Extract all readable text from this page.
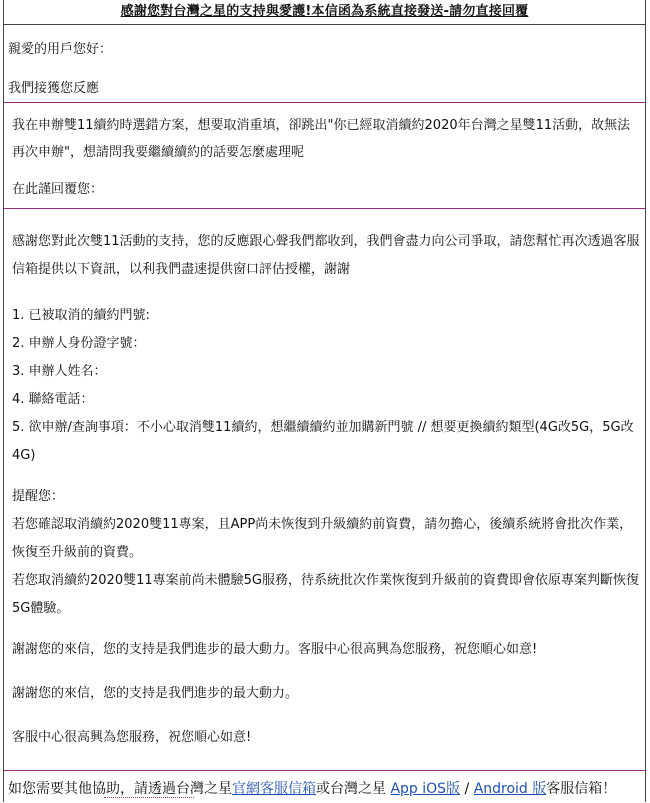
感謝您對台灣之星的支持與愛護!本信函為系統直接發送-請勿直接回覆
親愛的用戶您好：
我們接獲您反應

我在申辦雙11續約時選錯方案，想要取消重填，卻跳出"你已經取消續約2020年台灣之星雙11活動，故無法再次申辦"，想請問我要繼續續約的話要怎麼處理呢

在此謹回覆您：

感謝您對此次雙11活動的支持，您的反應跟心聲我們都收到，我們會盡力向公司爭取，請您幫忙再次透過客服信箱提供以下資訊，以利我們盡速提供窗口評估授權，謝謝

1. 已被取消的續約門號:
2. 申辦人身份證字號：
3. 申辦人姓名：
4. 聯絡電話：
5. 欲申辦/查詢事項：不小心取消雙11續約，想繼續續約並加購新門號 // 想要更換續約類型(4G改5G，5G改4G)
提醒您：
若您確認取消續約2020雙11專案，且APP尚未恢復到升級續約前資費，請勿擔心，後續系統將會批次作業，恢復至升級前的資費。
若您取消續約2020雙11專案前尚未體驗5G服務，待系統批次作業恢復到升級前的資費即會依原專案判斷恢復5G體驗。
謝謝您的來信，您的支持是我們進步的最大動力。客服中心很高興為您服務，祝您順心如意!
謝謝您的來信，您的支持是我們進步的最大動力。
客服中心很高興為您服務，祝您順心如意!
如您需要其他協助，請透過台灣之星官網客服信箱或台灣之星 App iOS版 / Android 版客服信箱！
